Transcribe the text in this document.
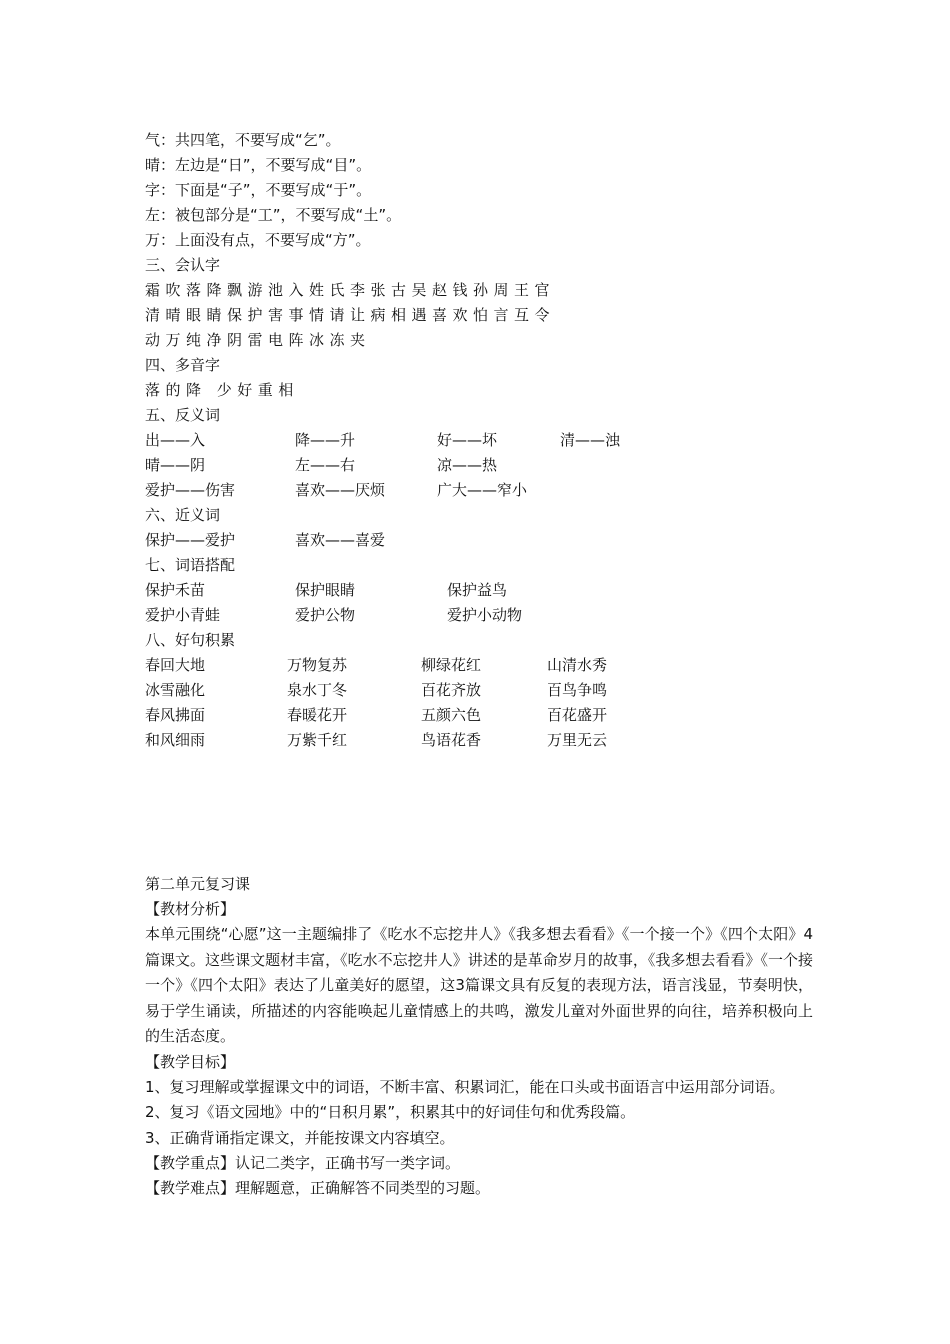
气：共四笔，不要写成“乞”。
晴：左边是“日”，不要写成“目”。
字：下面是“子”，不要写成“于”。
左：被包部分是“工”，不要写成“土”。
万：上面没有点，不要写成“方”。
三、会认字
霜吹落降飘游池入姓氏李张古吴赵钱孙周王官
清晴眼睛保护害事情请让病相遇喜欢怕言互令
动万纯净阴雷电阵冰冻夹
四、多音字
落的降 少好重相
五、反义词
出——入	降——升	好——坏	清——浊
晴——阴	左——右	凉——热
爱护——伤害	喜欢——厌烦	广大——窄小
六、近义词
保护——爱护	喜欢——喜爱
七、词语搭配
保护禾苗	保护眼睛	保护益鸟
爱护小青蛙	爱护公物	爱护小动物
八、好句积累
春回大地	万物复苏	柳绿花红	山清水秀
冰雪融化	泉水丁冬	百花齐放	百鸟争鸣
春风拂面	春暖花开	五颜六色	百花盛开
和风细雨	万紫千红	鸟语花香	万里无云
第二单元复习课
【教材分析】

本单元围绕“心愿”这一主题编排了《吃水不忘挖井人》《我多想去看看》《一个接一个》《四个太阳》4篇课文。这些课文题材丰富，《吃水不忘挖井人》讲述的是革命岁月的故事，《我多想去看看》《一个接一个》《四个太阳》表达了儿童美好的愿望，这3篇课文具有反复的表现方法，语言浅显，节奏明快，易于学生诵读，所描述的内容能唤起儿童情感上的共鸣，激发儿童对外面世界的向往，培养积极向上的生活态度。

【教学目标】

1、复习理解或掌握课文中的词语，不断丰富、积累词汇，能在口头或书面语言中运用部分词语。

2、复习《语文园地》中的“日积月累”，积累其中的好词佳句和优秀段篇。

3、正确背诵指定课文，并能按课文内容填空。

【教学重点】认记二类字，正确书写一类字词。
【教学难点】理解题意，正确解答不同类型的习题。
